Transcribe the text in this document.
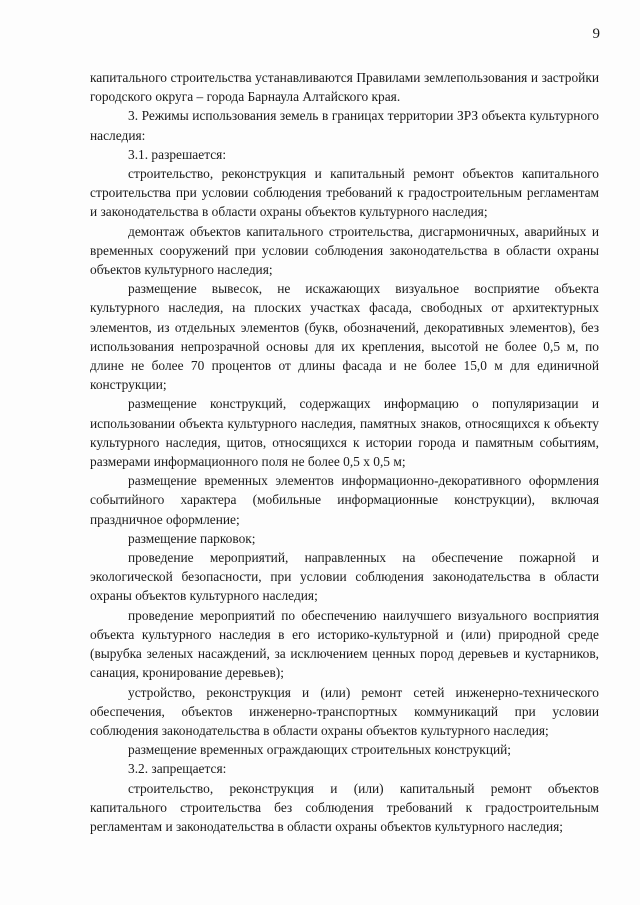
9

капитального строительства устанавливаются Правилами землепользования и застройки городского округа – города Барнаула Алтайского края.

3. Режимы использования земель в границах территории ЗРЗ объекта культурного наследия:

3.1. разрешается:

строительство, реконструкция и капитальный ремонт объектов капитального строительства при условии соблюдения требований к градостроительным регламентам и законодательства в области охраны объектов культурного наследия;

демонтаж объектов капитального строительства, дисгармоничных, аварийных и временных сооружений при условии соблюдения законодательства в области охраны объектов культурного наследия;

размещение вывесок, не искажающих визуальное восприятие объекта культурного наследия, на плоских участках фасада, свободных от архитектурных элементов, из отдельных элементов (букв, обозначений, декоративных элементов), без использования непрозрачной основы для их крепления, высотой не более 0,5 м, по длине не более 70 процентов от длины фасада и не более 15,0 м для единичной конструкции;

размещение конструкций, содержащих информацию о популяризации и использовании объекта культурного наследия, памятных знаков, относящихся к объекту культурного наследия, щитов, относящихся к истории города и памятным событиям, размерами информационного поля не более 0,5 х 0,5 м;

размещение временных элементов информационно-декоративного оформления событийного характера (мобильные информационные конструкции), включая праздничное оформление;

размещение парковок;

проведение мероприятий, направленных на обеспечение пожарной и экологической безопасности, при условии соблюдения законодательства в области охраны объектов культурного наследия;

проведение мероприятий по обеспечению наилучшего визуального восприятия объекта культурного наследия в его историко-культурной и (или) природной среде (вырубка зеленых насаждений, за исключением ценных пород деревьев и кустарников, санация, кронирование деревьев);

устройство, реконструкция и (или) ремонт сетей инженерно-технического обеспечения, объектов инженерно-транспортных коммуникаций при условии соблюдения законодательства в области охраны объектов культурного наследия;

размещение временных ограждающих строительных конструкций;

3.2. запрещается:

строительство, реконструкция и (или) капитальный ремонт объектов капитального строительства без соблюдения требований к градостроительным регламентам и законодательства в области охраны объектов культурного наследия;
